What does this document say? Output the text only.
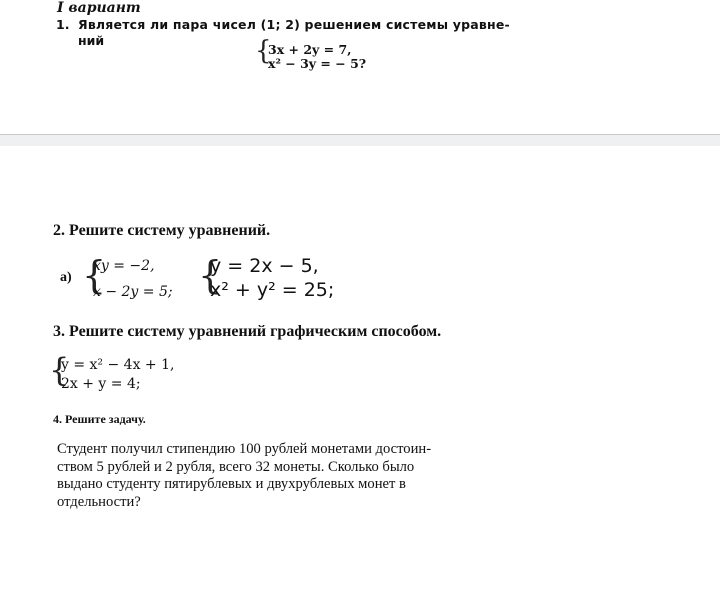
I вариант
1. Является ли пара чисел (1; 2) решением системы уравне-
ний	{
3x + 2y = 7,
x² − 3y = − 5?
2. Решите систему уравнений.
а) {
xy = −2,
x − 2y = 5; {
y = 2x − 5,
x² + y² = 25;
3. Решите систему уравнений графическим способом.
{
y = x² − 4x + 1,
2x + y = 4;
4. Решите задачу.
Студент получил стипендию 100 рублей монетами достоин-
ством 5 рублей и 2 рубля, всего 32 монеты. Сколько было
выдано студенту пятирублевых и двухрублевых монет в
отдельности?
